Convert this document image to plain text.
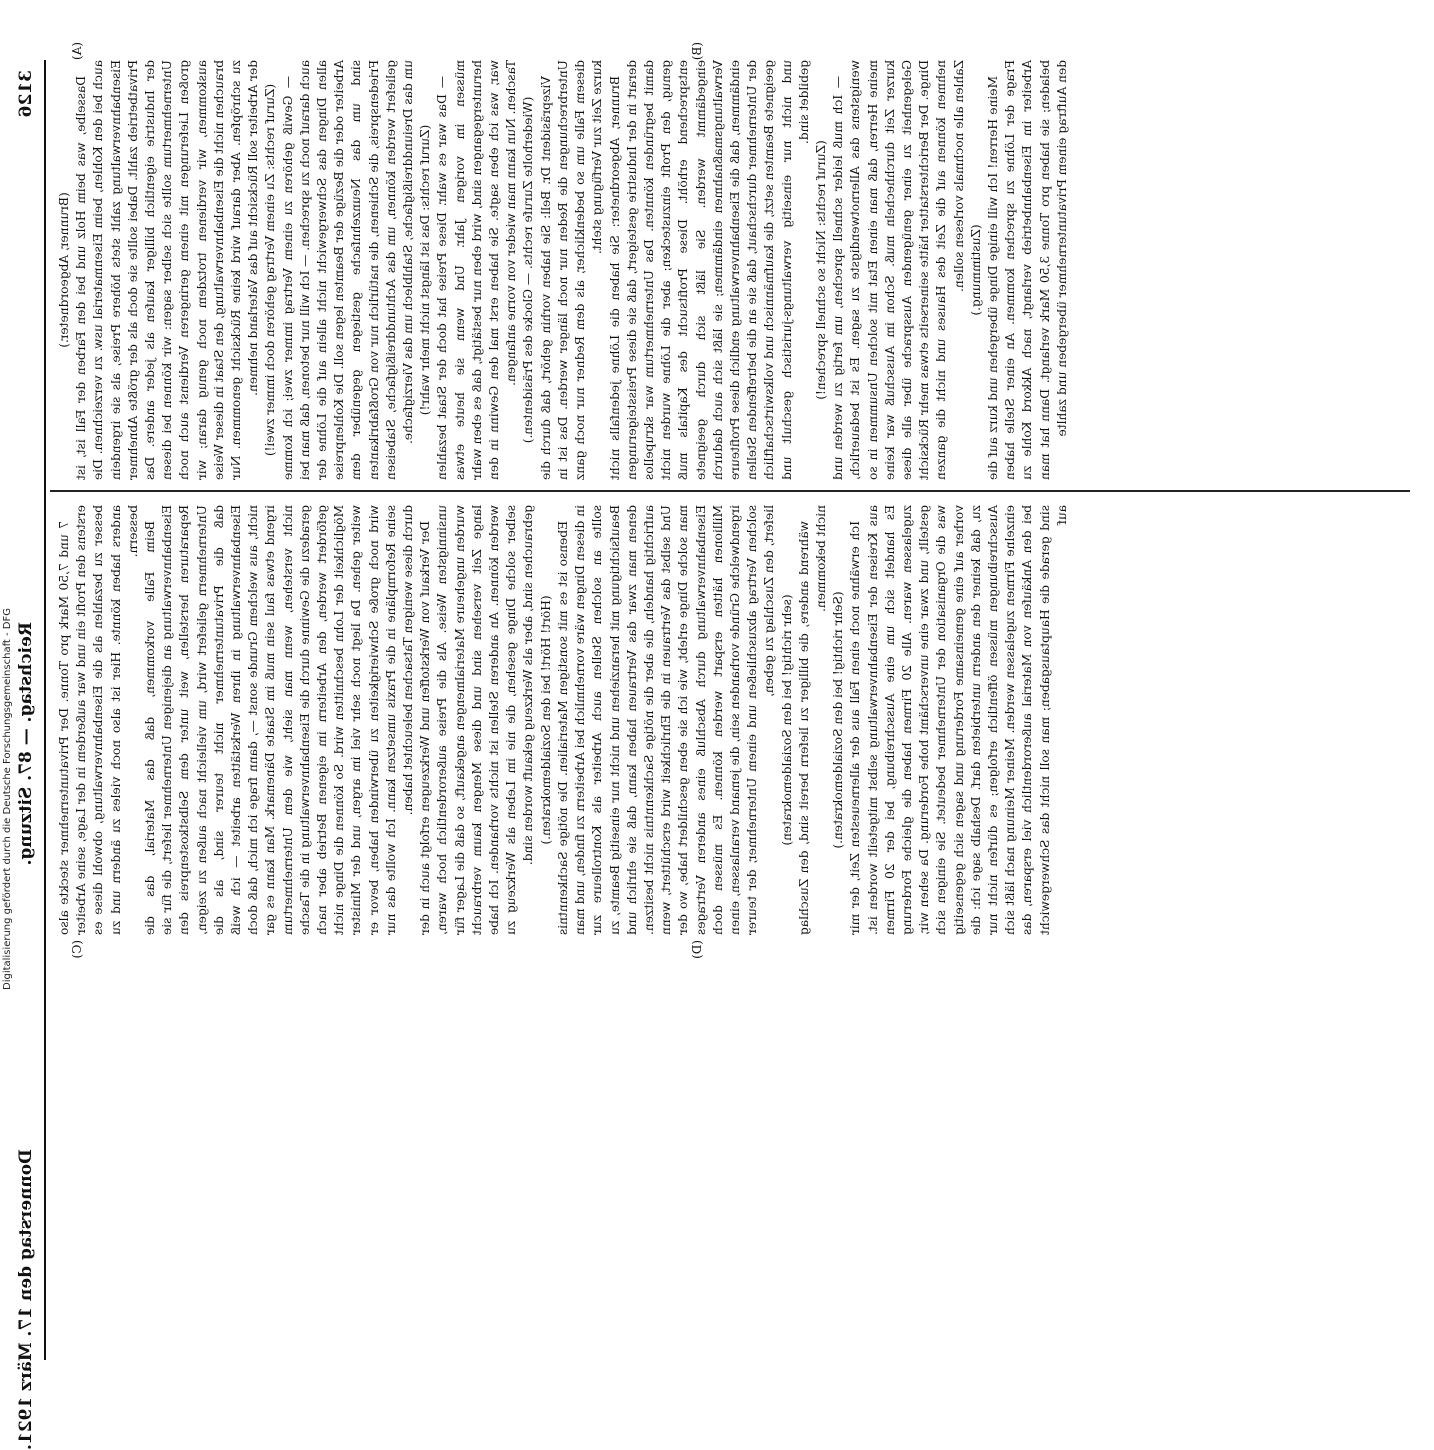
3126
Reichstag. — 87. Sitzung.
Donnerstag den 17. März 1921.
(A)	(B)
(C)	(D)

(Brunner, Abgeordneter.) Dasselbe, was beim Holz und bei den Farben der Fall ist, ist auch bei den Kohlen, beim Eisenmaterial usw. zu verzeichnen. Die Eisenbahnverwaltung zahlt stets höhere Preise, als sie irgendein Privatbetrieb zahlt. Dabei sollte sie doch als der größte Abnehmer der Industrie eigentlich billiger kaufen als jeder andere. Das Unternehmertum sollte sich selber sagen: wir können bei diesen großen Lieferungen mit einem geringeren Verdienst auch noch auskommen, wir verdienen trotzdem noch genug daran; wir brauchen nicht die Eisenbahnverwaltung, den Staat in dieser Weise zu schröpfen. Aber darauf wird keine Rücksicht genommen. Nur der Arbeiter soll Rücksicht auf das Vaterland nehmen. (Zuruf rechts: Zu einem Vertrag gehören doch immer zwei!) — Gewiß gehören zu einem Vertrag immer zwei; ich komme auch darauf noch zu sprechen. — Ich will nur betonen, daß man bei allen Dingen das Schwergewicht nicht allein auf die Löhne der Arbeiter oder die Bezüge der Beamten legen soll. Die Kohlenpreise sind um das Neunzehnfache gestiegen gegenüber dem Friedenspreis, die Schienen, die natürlich nur von Großfabrikanten geliefert werden können, um das Achtunddreißigfache, Stabeisen um das Dreiunddreißigfache, Stahlblech um das Vierzigfache. (Zuruf rechts: Das ist längst nicht mehr wahr!) — Das war es wahr. Diese Preise hat doch der Staat bezahlen müssen im vorigen Jahr. Und wenn sie heute etwas heruntergegangen sind, wird eben nur bestätigt, daß es eben wahr war, was ich eben sagte. Sie haben erst mal den Gewinn in den Taschen. Nun kann man wieder von vorne anfangen. (Wiederholte Zurufe rechts. — Glocke des Präsidenten.) Vizepräsident Dr. Bell: Sie haben vorhin gehört, daß durch die Unterbrechungen die Reden nur noch länger werden. Das ist in diesem Falle um so bedenklicher, als dem Redner nur noch ganz kurze Zeit zur Verfügung steht. Brunner, Abgeordneter: Sie haben die Löhne jedenfalls nicht derart in der Industrie gesteigert, daß sie diese Preissteigerungen damit begründen könnten. Das Unternehmertum war skrupellos genug, den Profit einzustecken; aber die Löhne wurden nicht entsprechend erhöht. Diese Profitsucht des Kapitals muß eingedämmt werden. Sie läßt sich durch geeignete Verwaltungsmaßnahmen eindämmen; sie läßt sich auch dadurch eindämmen, daß die Eisenbahnverwaltung endlich diese Profiteure der Unternehmer durchschaut, daß sie an die betreffenden Stellen geeignete Beamten setzt, die kaufmännisch und volkswirtschaftlich und nicht nur einseitig verwaltungs-juristisch geschult und gebildet sind.

(Zuruf rechts: Nicht so schnell sprechen!) — Ich muß leider schnell sprechen, um fertig zu werden und wenigstens das Allernotwendigste zu sagen. Es ist bedauerlich, meine Herren, daß man einen Etat mit solchen Unsummen in so kurzer Zeit durchhecheln muß. Schon im Ausschuß war keine Gelegenheit zu einer genügenden Aussprache über alle diese Dinge. Der Berichterstatter hätte seinerseits etwas mehr Rücksicht nehmen können auf die Zeit des Hauses und nicht die ganzen Zahlen alle nochmals vorlesen sollen. (Zustimmung.) Meine Herren! Ich will einige Dinge übergehen und kurz auf die Frage der Löhne zu sprechen kommen. An einer Stelle haben Arbeiter im Eisenbahnbetrieb verlangt, nach Akkord Kohle zu beladen; sie haben pro Tonne 3,50 Mark verlangt. Dann hat man den Auftrag einem Privatunternehmer übergeben und zahlte

7 und 7,50 Mark pro Tonne. Der Privatunternehmer steckte also erstens den Profit ein und war außerdem in der Lage, seine Arbeiter besser zu bezahlen als die Eisenbahnverwaltung, obwohl diese es anders haben könnte. Hier ist also noch vieles zu ändern und zu bessern. Beim Falle vorkommen, daß das Material, das die Eisenbahnverwaltung an diejenigen Unternehmer liefert, die für sie Reparaturen herstellen, weit unter dem Selbstkostenpreis den Unternehmern geliefert wird, um vielleicht nach außen zu zeigen, daß die Privatunternehmer nicht teurer sind, als die Eisenbahnverwaltung in ihren Werkstätten arbeitet — ich weiß nicht, aus welchem Grunde sonst —, dann frage ich mich, daß doch irgend etwas faul sein muß im Staate Dänemark. Man kann es gar nicht verstehen, wenn man sieht, wie dem Unternehmertum geradezu die Gewinne durch die Eisenbahnverwaltung in die Tasche gefördert werden, den Arbeitern im eigenen Betrieb aber nach Möglichkeit der Lohn beschnitten wird. So können die Dinge nicht weiter gehen. Da liegt noch sehr viel im argen, und der Minister wird noch große Schwierigkeiten zu überwinden haben, bevor er seine Reformpläne in die Praxis umsetzen kann. Ich wollte das nur durch diese wenigen Tatsachen beleuchtet haben. Der Verkauf von Werkstoffen und Werkzeugen erfolgt auch in der unsinnigsten Weise. Als die Preise außerordentlich hoch waren, wurden ungeheure Materialmengen angekauft, so daß die Lager für lange Zeit versehen sind und diese Mengen kaum verbraucht werden können. An anderen Stellen ist nichts vorhanden. Ich habe selber solche Dinge gesehen, die nie im Leben als Werkzeug zu gebrauchen sind, aber als Werkzeug gekauft worden sind. (Hört! Hört! bei den Sozialdemokraten.) Ebenso ist es mit sonstigen Materialien. Die nötige Sachkenntnis in diesen Dingen wäre vornehmlich bei Arbeitern zu finden, und man sollte an solchen Stellen auch Arbeiter als Kontrolleure zur Beaufsichtigung mit heranziehen und nicht nur einseitig Beamte, zu denen man zwar das Vertrauen haben kann, daß sie ehrlich und aufrichtig handeln, die aber die nötige Sachkenntnis nicht besitzen. Und selbst das Vertrauen in die Ehrlichkeit wird erschüttert, wenn man solche Dinge erlebt, wie ich sie eben geschildert habe, wo der Eisenbahnverwaltung durch Abschluß eines anderen Vertrages Millionen hätten erspart werden können. Es müssen doch irgendwelche Gründe vorhanden sein, die jemand veranlassen, einen solchen Vertrag abzuschließen und einem Unternehmer, der teurer liefert, den Zuschlag zu geben, (sehr richtig! bei den Sozialdemokraten) während andere, die billiger zu liefern bereit sind, den Zuschlag nicht bekommen.

(Sehr richtig! bei den Sozialdemokraten.) Ich erwähne noch einen Fall aus der allerneuesten Zeit, der mir aus Kreisen der Eisenbahnverwaltung selbst mitgeteilt worden ist. Es handelt sich um eine Ausschreibung, bei der 20 Firmen zugelassen waren. Alle 20 Firmen haben die gleiche Forderung gestellt, und zwar eine unverschämt hohe Forderung. Da sehen wir, was die Organisation der Unternehmer bedeutet. Sie einigen sich vorher auf eine gemeinsame Forderung und sagen sich gegenseitig zu, daß keiner den andern unterbieten darf. Deshalb sage ich: die Ausschreibungen müssen öffentlich erfolgen; es dürfen nicht nur einzelne Firmen zugelassen werden. Meiner Meinung nach läßt sich bei den Ankäufen von Material außerordentlich viel ersparen, das sind gerade die Hauptausgaben; man soll nicht das Schwergewicht auf

Digitalisierung gefördert durch die Deutsche Forschungsgemeinschaft - DFG
